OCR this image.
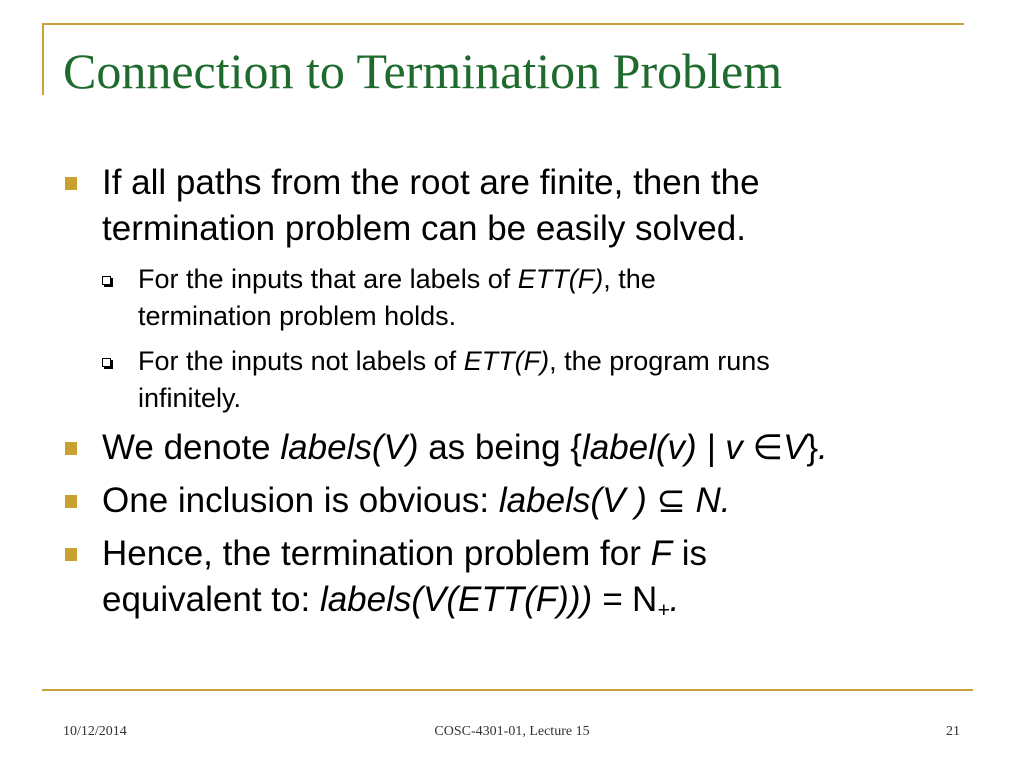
Connection to Termination Problem
If all paths from the root are finite, then the
termination problem can be easily solved.
For the inputs that are labels of ETT(F), the
termination problem holds.
For the inputs not labels of ETT(F), the program runs
infinitely.
We denote labels(V) as being {label(v) | v ∈V}.
One inclusion is obvious: labels(V ) ⊆ N.
Hence, the termination problem for F is
equivalent to: labels(V(ETT(F))) = $N_+$.
10/12/2014	COSC-4301-01, Lecture 15	21
